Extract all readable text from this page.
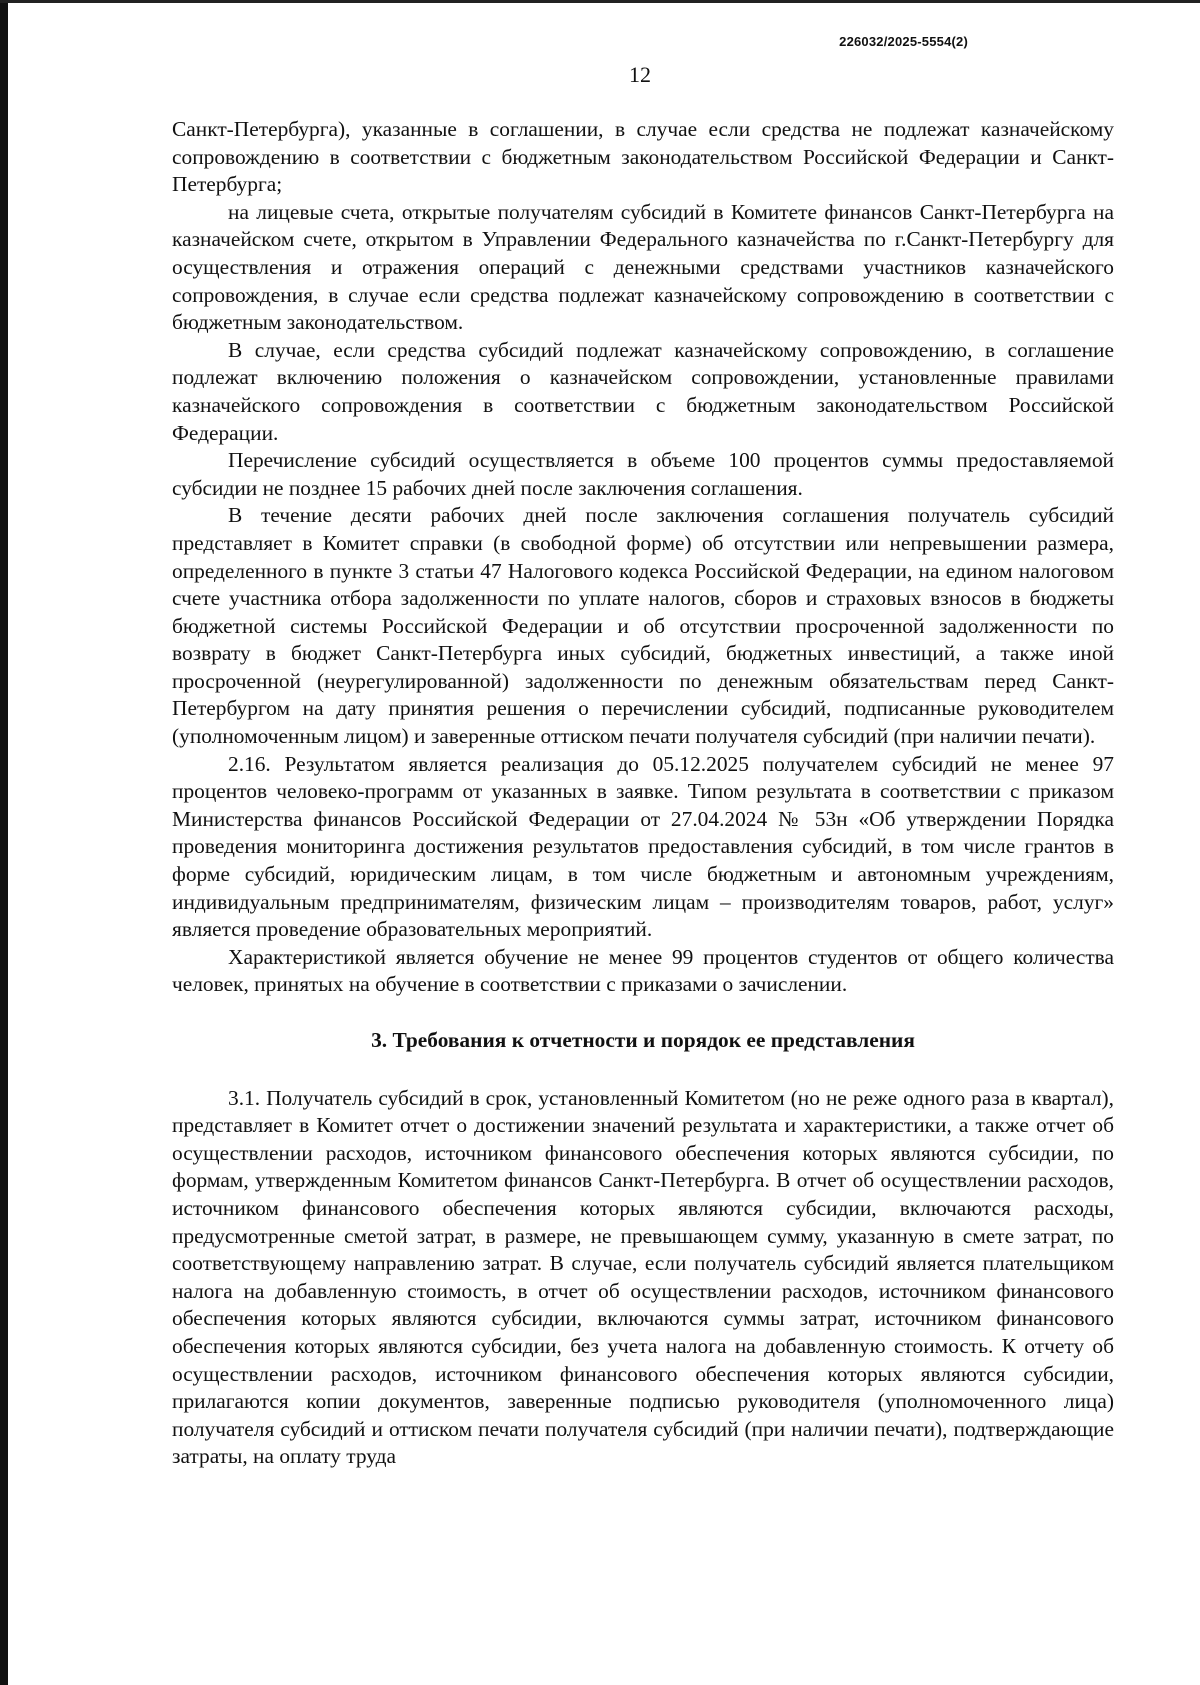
226032/2025-5554(2)
12

Санкт-Петербурга), указанные в соглашении, в случае если средства не подлежат казначейскому сопровождению в соответствии с бюджетным законодательством Российской Федерации и Санкт-Петербурга;

на лицевые счета, открытые получателям субсидий в Комитете финансов Санкт-Петербурга на казначейском счете, открытом в Управлении Федерального казначейства по г.Санкт-Петербургу для осуществления и отражения операций с денежными средствами участников казначейского сопровождения, в случае если средства подлежат казначейскому сопровождению в соответствии с бюджетным законодательством.

В случае, если средства субсидий подлежат казначейскому сопровождению, в соглашение подлежат включению положения о казначейском сопровождении, установленные правилами казначейского сопровождения в соответствии с бюджетным законодательством Российской Федерации.

Перечисление субсидий осуществляется в объеме 100 процентов суммы предоставляемой субсидии не позднее 15 рабочих дней после заключения соглашения.

В течение десяти рабочих дней после заключения соглашения получатель субсидий представляет в Комитет справки (в свободной форме) об отсутствии или непревышении размера, определенного в пункте 3 статьи 47 Налогового кодекса Российской Федерации, на едином налоговом счете участника отбора задолженности по уплате налогов, сборов и страховых взносов в бюджеты бюджетной системы Российской Федерации и об отсутствии просроченной задолженности по возврату в бюджет Санкт-Петербурга иных субсидий, бюджетных инвестиций, а также иной просроченной (неурегулированной) задолженности по денежным обязательствам перед Санкт-Петербургом на дату принятия решения о перечислении субсидий, подписанные руководителем (уполномоченным лицом) и заверенные оттиском печати получателя субсидий (при наличии печати).

2.16. Результатом является реализация до 05.12.2025 получателем субсидий не менее 97 процентов человеко-программ от указанных в заявке. Типом результата в соответствии с приказом Министерства финансов Российской Федерации от 27.04.2024 № 53н «Об утверждении Порядка проведения мониторинга достижения результатов предоставления субсидий, в том числе грантов в форме субсидий, юридическим лицам, в том числе бюджетным и автономным учреждениям, индивидуальным предпринимателям, физическим лицам – производителям товаров, работ, услуг» является проведение образовательных мероприятий.

Характеристикой является обучение не менее 99 процентов студентов от общего количества человек, принятых на обучение в соответствии с приказами о зачислении.

3. Требования к отчетности и порядок ее представления

3.1. Получатель субсидий в срок, установленный Комитетом (но не реже одного раза в квартал), представляет в Комитет отчет о достижении значений результата и характеристики, а также отчет об осуществлении расходов, источником финансового обеспечения которых являются субсидии, по формам, утвержденным Комитетом финансов Санкт-Петербурга. В отчет об осуществлении расходов, источником финансового обеспечения которых являются субсидии, включаются расходы, предусмотренные сметой затрат, в размере, не превышающем сумму, указанную в смете затрат, по соответствующему направлению затрат. В случае, если получатель субсидий является плательщиком налога на добавленную стоимость, в отчет об осуществлении расходов, источником финансового обеспечения которых являются субсидии, включаются суммы затрат, источником финансового обеспечения которых являются субсидии, без учета налога на добавленную стоимость. К отчету об осуществлении расходов, источником финансового обеспечения которых являются субсидии, прилагаются копии документов, заверенные подписью руководителя (уполномоченного лица) получателя субсидий и оттиском печати получателя субсидий (при наличии печати), подтверждающие затраты, на оплату труда
